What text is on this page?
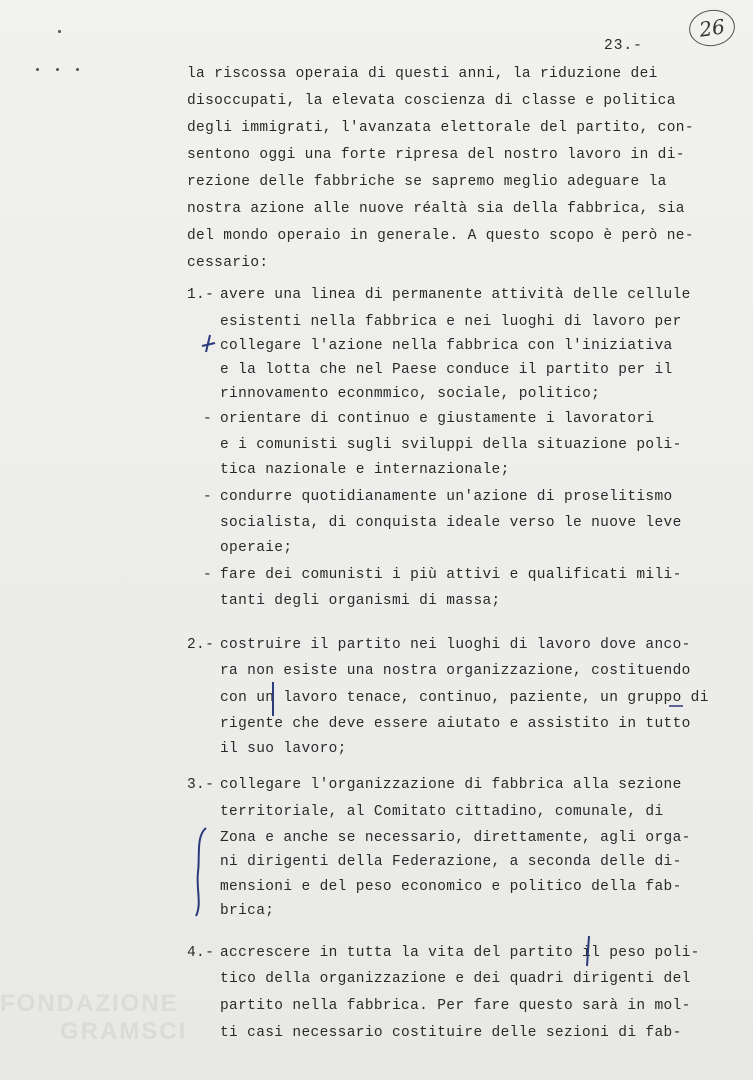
26
23.-
la riscossa operaia di questi anni, la riduzione dei
disoccupati, la elevata coscienza di classe e politica
degli immigrati, l'avanzata elettorale del partito, con-
sentono oggi una forte ripresa del nostro lavoro in di-
rezione delle fabbriche se sapremo meglio adeguare la
nostra azione alle nuove réaltà sia della fabbrica, sia
del mondo operaio in generale. A questo scopo è però ne-
cessario:
1.- avere una linea di permanente attività delle cellule
esistenti nella fabbrica e nei luoghi di lavoro per
collegare l'azione nella fabbrica con l'iniziativa
e la lotta che nel Paese conduce il partito per il
rinnovamento econmmico, sociale, politico;
- orientare di continuo e giustamente i lavoratori
e i comunisti sugli sviluppi della situazione poli-
tica nazionale e internazionale;
- condurre quotidianamente un'azione di proselitismo
socialista, di conquista ideale verso le nuove leve
operaie;
- fare dei comunisti i più attivi e qualificati mili-
tanti degli organismi di massa;
2.- costruire il partito nei luoghi di lavoro dove anco-
ra non esiste una nostra organizzazione, costituendo
con un lavoro tenace, continuo, paziente, un gruppo di
rigente che deve essere aiutato e assistito in tutto
il suo lavoro;
3.- collegare l'organizzazione di fabbrica alla sezione
territoriale, al Comitato cittadino, comunale, di
Zona e anche se necessario, direttamente, agli orga-
ni dirigenti della Federazione, a seconda delle di-
mensioni e del peso economico e politico della fab-
brica;
4.- accrescere in tutta la vita del partito il peso poli-
tico della organizzazione e dei quadri dirigenti del
partito nella fabbrica. Per fare questo sarà in mol-
ti casi necessario costituire delle sezioni di fab-
FONDAZIONE
GRAMSCI
